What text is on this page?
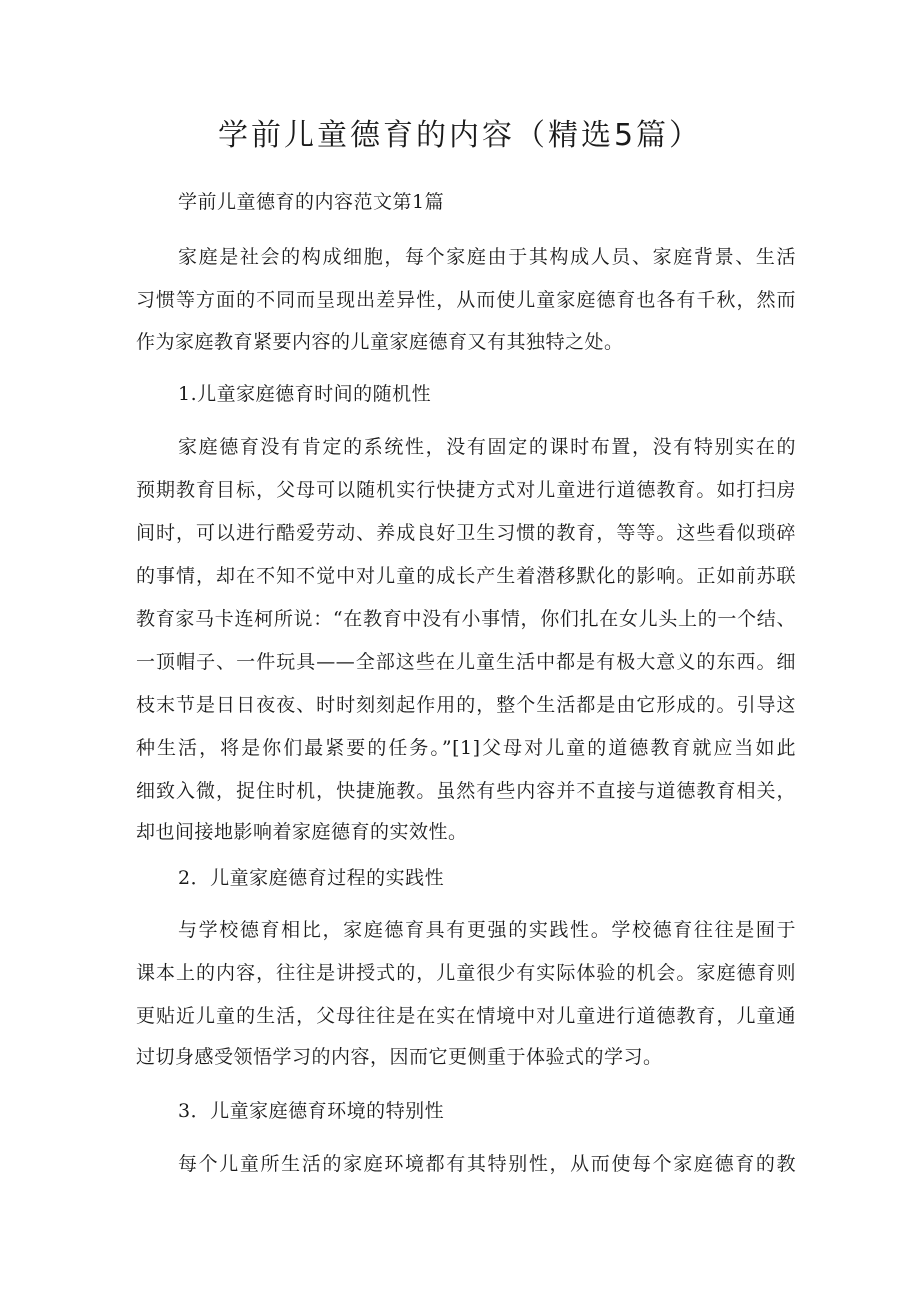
学前儿童德育的内容（精选5篇）

学前儿童德育的内容范文第1篇

家庭是社会的构成细胞，每个家庭由于其构成人员、家庭背景、生活

习惯等方面的不同而呈现出差异性，从而使儿童家庭德育也各有千秋，然而

作为家庭教育紧要内容的儿童家庭德育又有其独特之处。

1.儿童家庭德育时间的随机性

家庭德育没有肯定的系统性，没有固定的课时布置，没有特别实在的

预期教育目标，父母可以随机实行快捷方式对儿童进行道德教育。如打扫房

间时，可以进行酷爱劳动、养成良好卫生习惯的教育，等等。这些看似琐碎

的事情，却在不知不觉中对儿童的成长产生着潜移默化的影响。正如前苏联

教育家马卡连柯所说：“在教育中没有小事情，你们扎在女儿头上的一个结、

一顶帽子、一件玩具——全部这些在儿童生活中都是有极大意义的东西。细

枝末节是日日夜夜、时时刻刻起作用的，整个生活都是由它形成的。引导这

种生活，将是你们最紧要的任务。”[1]父母对儿童的道德教育就应当如此

细致入微，捉住时机，快捷施教。虽然有些内容并不直接与道德教育相关，

却也间接地影响着家庭德育的实效性。

2．儿童家庭德育过程的实践性

与学校德育相比，家庭德育具有更强的实践性。学校德育往往是囿于

课本上的内容，往往是讲授式的，儿童很少有实际体验的机会。家庭德育则

更贴近儿童的生活，父母往往是在实在情境中对儿童进行道德教育，儿童通

过切身感受领悟学习的内容，因而它更侧重于体验式的学习。

3．儿童家庭德育环境的特别性

每个儿童所生活的家庭环境都有其特别性，从而使每个家庭德育的教
